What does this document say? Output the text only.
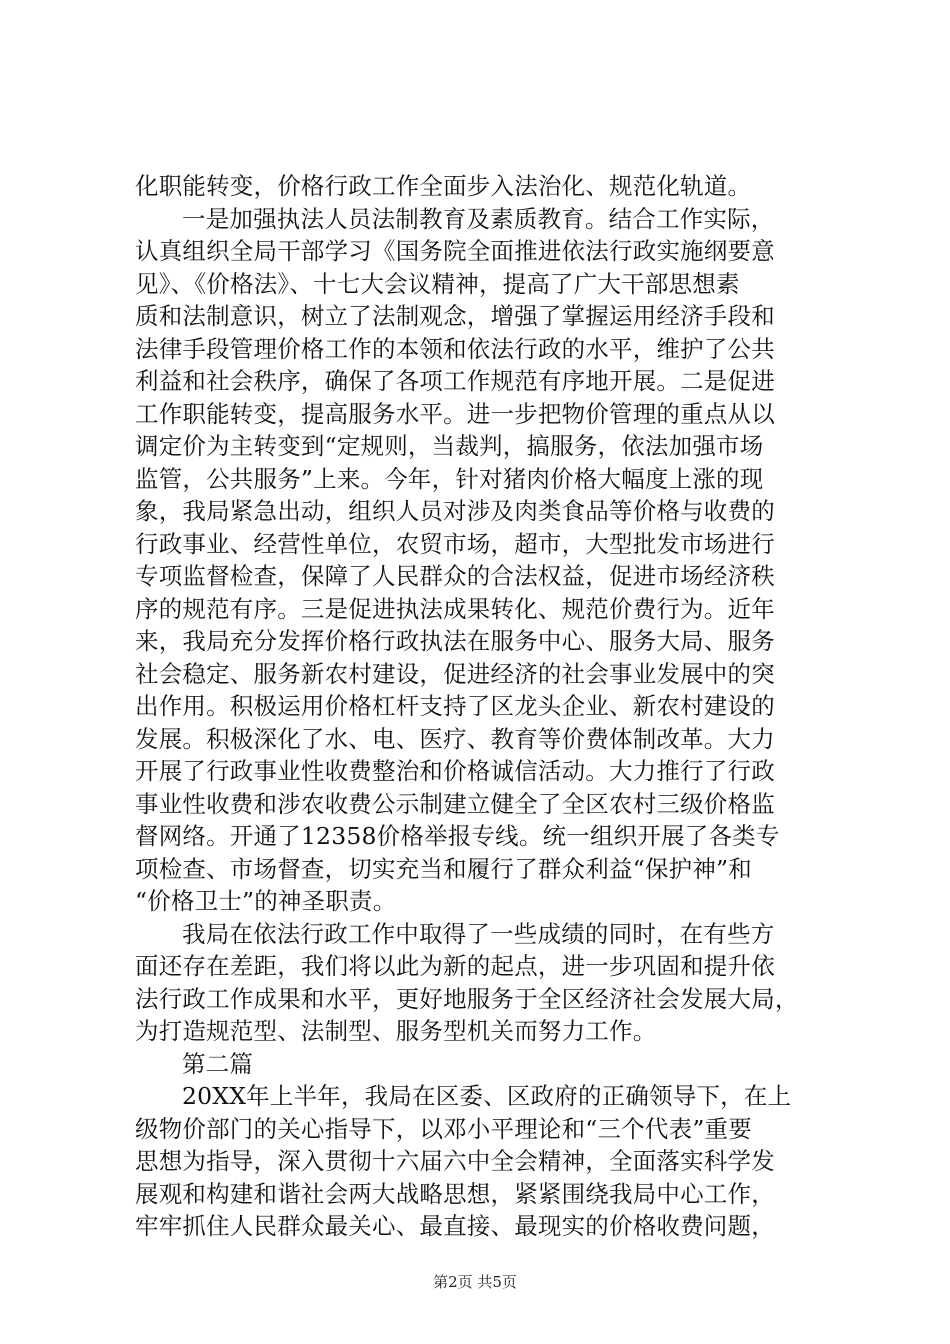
化职能转变，价格行政工作全面步入法治化、规范化轨道。
一是加强执法人员法制教育及素质教育。结合工作实际，
认真组织全局干部学习《国务院全面推进依法行政实施纲要意
见》、《价格法》、十七大会议精神，提高了广大干部思想素
质和法制意识，树立了法制观念，增强了掌握运用经济手段和
法律手段管理价格工作的本领和依法行政的水平，维护了公共
利益和社会秩序，确保了各项工作规范有序地开展。二是促进
工作职能转变，提高服务水平。进一步把物价管理的重点从以
调定价为主转变到“定规则，当裁判，搞服务，依法加强市场
监管，公共服务”上来。今年，针对猪肉价格大幅度上涨的现
象，我局紧急出动，组织人员对涉及肉类食品等价格与收费的
行政事业、经营性单位，农贸市场，超市，大型批发市场进行
专项监督检查，保障了人民群众的合法权益，促进市场经济秩
序的规范有序。三是促进执法成果转化、规范价费行为。近年
来，我局充分发挥价格行政执法在服务中心、服务大局、服务
社会稳定、服务新农村建设，促进经济的社会事业发展中的突
出作用。积极运用价格杠杆支持了区龙头企业、新农村建设的
发展。积极深化了水、电、医疗、教育等价费体制改革。大力
开展了行政事业性收费整治和价格诚信活动。大力推行了行政
事业性收费和涉农收费公示制建立健全了全区农村三级价格监
督网络。开通了12358价格举报专线。统一组织开展了各类专
项检查、市场督查，切实充当和履行了群众利益“保护神”和
“价格卫士”的神圣职责。
我局在依法行政工作中取得了一些成绩的同时，在有些方
面还存在差距，我们将以此为新的起点，进一步巩固和提升依
法行政工作成果和水平，更好地服务于全区经济社会发展大局，
为打造规范型、法制型、服务型机关而努力工作。
第二篇
20XX年上半年，我局在区委、区政府的正确领导下，在上
级物价部门的关心指导下，以邓小平理论和“三个代表”重要
思想为指导，深入贯彻十六届六中全会精神，全面落实科学发
展观和构建和谐社会两大战略思想，紧紧围绕我局中心工作，
牢牢抓住人民群众最关心、最直接、最现实的价格收费问题，
第2页 共5页
